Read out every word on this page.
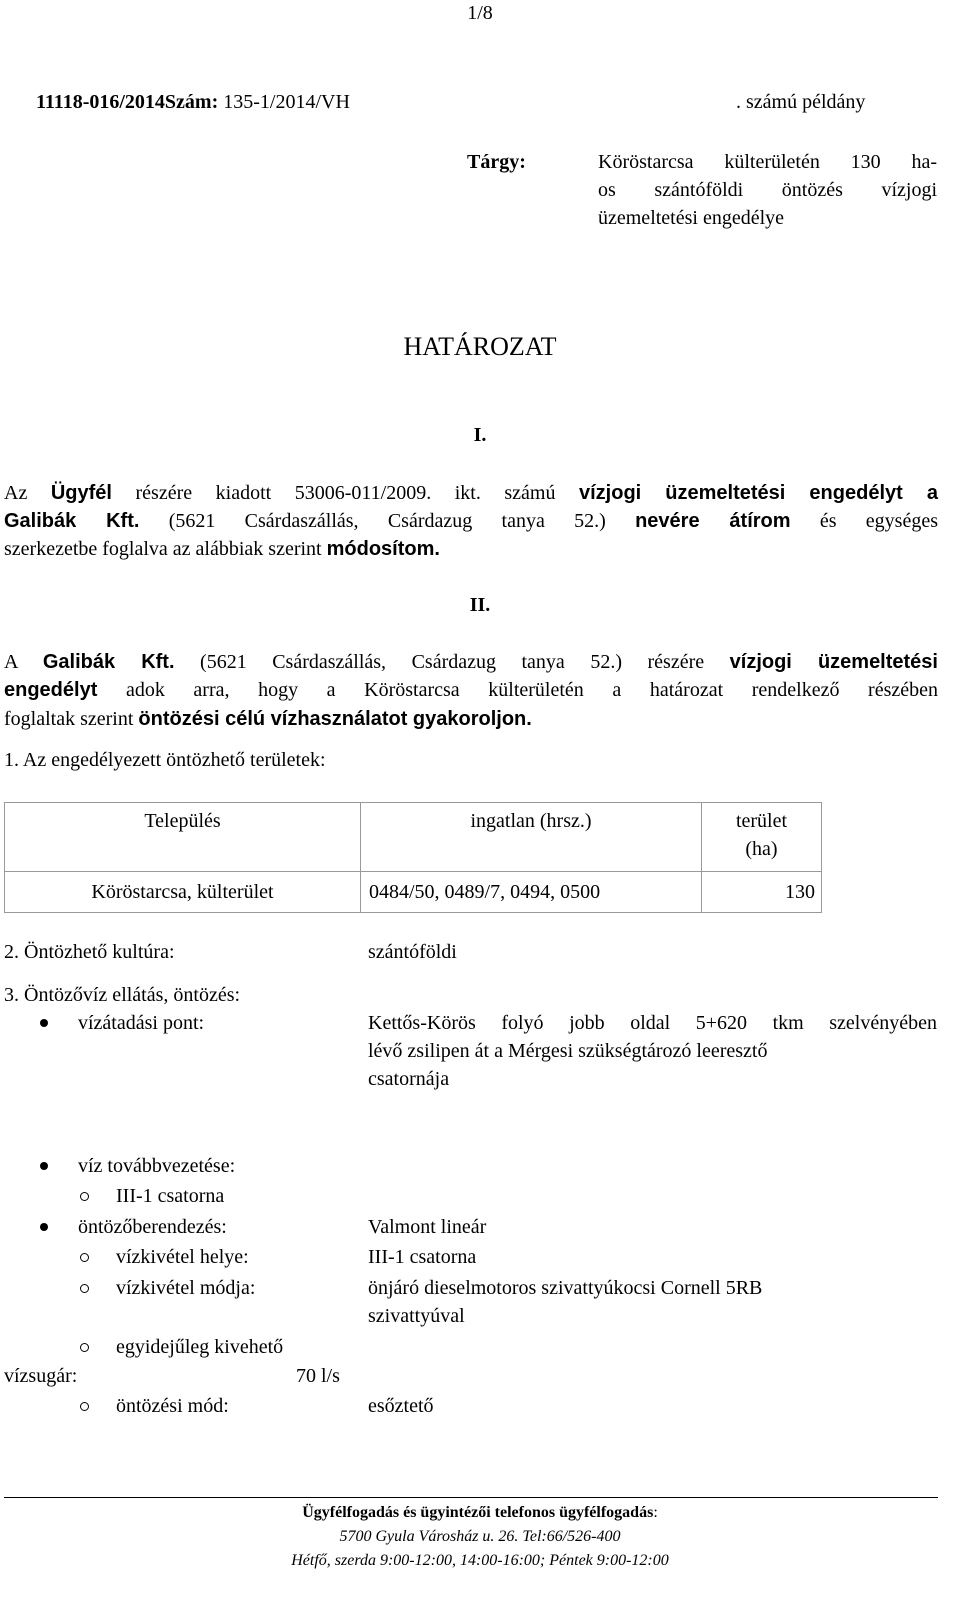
1/8
11118-016/2014Szám: 135-1/2014/VH	. számú példány
Tárgy:	Köröstarcsa külterületén 130 ha-
os szántóföldi öntözés vízjogi
üzemeltetési engedélye
HATÁROZAT
I.
Az Ügyfél részére kiadott 53006-011/2009. ikt. számú vízjogi üzemeltetési engedélyt a
Galibák Kft. (5621 Csárdaszállás, Csárdazug tanya 52.) nevére átírom és egységes
szerkezetbe foglalva az alábbiak szerint módosítom.
II.
A Galibák Kft. (5621 Csárdaszállás, Csárdazug tanya 52.) részére vízjogi üzemeltetési
engedélyt adok arra, hogy a Köröstarcsa külterületén a határozat rendelkező részében
foglaltak szerint öntözési célú vízhasználatot gyakoroljon.
1. Az engedélyezett öntözhető területek:
Település	ingatlan (hrsz.)	terület
(ha)
Köröstarcsa, külterület	0484/50, 0489/7, 0494, 0500	130
2. Öntözhető kultúra:	szántóföldi
3. Öntözővíz ellátás, öntözés:
vízátadási pont:	Kettős-Körös folyó jobb oldal 5+620 tkm szelvényében
lévő zsilipen át a Mérgesi szükségtározó leeresztő
csatornája
víz továbbvezetése:
III-1 csatorna
öntözőberendezés:	Valmont lineár
vízkivétel helye:	III-1 csatorna
vízkivétel módja:	önjáró dieselmotoros szivattyúkocsi Cornell 5RB
szivattyúval
egyidejűleg kivehető
vízsugár:	70 l/s
öntözési mód:	esőztető
Ügyfélfogadás és ügyintézői telefonos ügyfélfogadás:
5700 Gyula Városház u. 26. Tel:66/526-400
Hétfő, szerda 9:00-12:00, 14:00-16:00; Péntek 9:00-12:00
